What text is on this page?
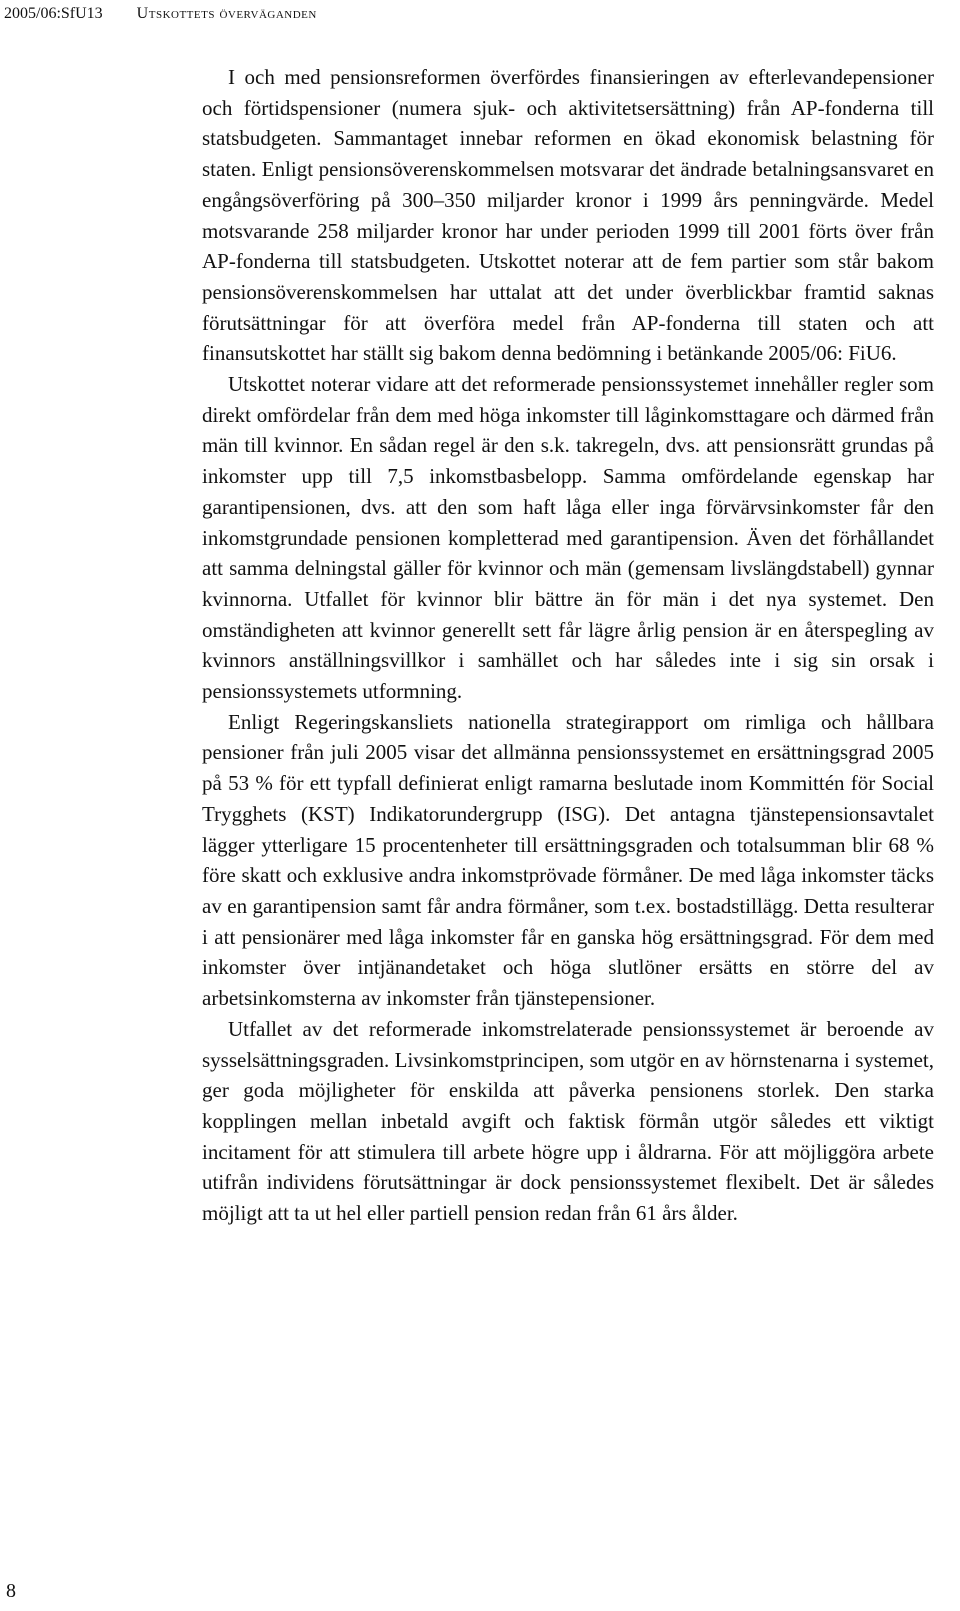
2005/06:SfU13 Utskottets överväganden

I och med pensionsreformen överfördes finansieringen av efterlevandepensioner och förtidspensioner (numera sjuk- och aktivitetsersättning) från AP-fonderna till statsbudgeten. Sammantaget innebar reformen en ökad ekonomisk belastning för staten. Enligt pensionsöverenskommelsen motsvarar det ändrade betalningsansvaret en engångsöverföring på 300–350 miljarder kronor i 1999 års penningvärde. Medel motsvarande 258 miljarder kronor har under perioden 1999 till 2001 förts över från AP-fonderna till statsbudgeten. Utskottet noterar att de fem partier som står bakom pensionsöverenskommelsen har uttalat att det under överblickbar framtid saknas förutsättningar för att överföra medel från AP-fonderna till staten och att finansutskottet har ställt sig bakom denna bedömning i betänkande 2005/06: FiU6.

Utskottet noterar vidare att det reformerade pensionssystemet innehåller regler som direkt omfördelar från dem med höga inkomster till låginkomsttagare och därmed från män till kvinnor. En sådan regel är den s.k. takregeln, dvs. att pensionsrätt grundas på inkomster upp till 7,5 inkomstbasbelopp. Samma omfördelande egenskap har garantipensionen, dvs. att den som haft låga eller inga förvärvsinkomster får den inkomstgrundade pensionen kompletterad med garantipension. Även det förhållandet att samma delningstal gäller för kvinnor och män (gemensam livslängdstabell) gynnar kvinnorna. Utfallet för kvinnor blir bättre än för män i det nya systemet. Den omständigheten att kvinnor generellt sett får lägre årlig pension är en återspegling av kvinnors anställningsvillkor i samhället och har således inte i sig sin orsak i pensionssystemets utformning.

Enligt Regeringskansliets nationella strategirapport om rimliga och hållbara pensioner från juli 2005 visar det allmänna pensionssystemet en ersättningsgrad 2005 på 53 % för ett typfall definierat enligt ramarna beslutade inom Kommittén för Social Trygghets (KST) Indikatorundergrupp (ISG). Det antagna tjänstepensionsavtalet lägger ytterligare 15 procentenheter till ersättningsgraden och totalsumman blir 68 % före skatt och exklusive andra inkomstprövade förmåner. De med låga inkomster täcks av en garantipension samt får andra förmåner, som t.ex. bostadstillägg. Detta resulterar i att pensionärer med låga inkomster får en ganska hög ersättningsgrad. För dem med inkomster över intjänandetaket och höga slutlöner ersätts en större del av arbetsinkomsterna av inkomster från tjänstepensioner.

Utfallet av det reformerade inkomstrelaterade pensionssystemet är beroende av sysselsättningsgraden. Livsinkomstprincipen, som utgör en av hörnstenarna i systemet, ger goda möjligheter för enskilda att påverka pensionens storlek. Den starka kopplingen mellan inbetald avgift och faktisk förmån utgör således ett viktigt incitament för att stimulera till arbete högre upp i åldrarna. För att möjliggöra arbete utifrån individens förutsättningar är dock pensionssystemet flexibelt. Det är således möjligt att ta ut hel eller partiell pension redan från 61 års ålder.

8
